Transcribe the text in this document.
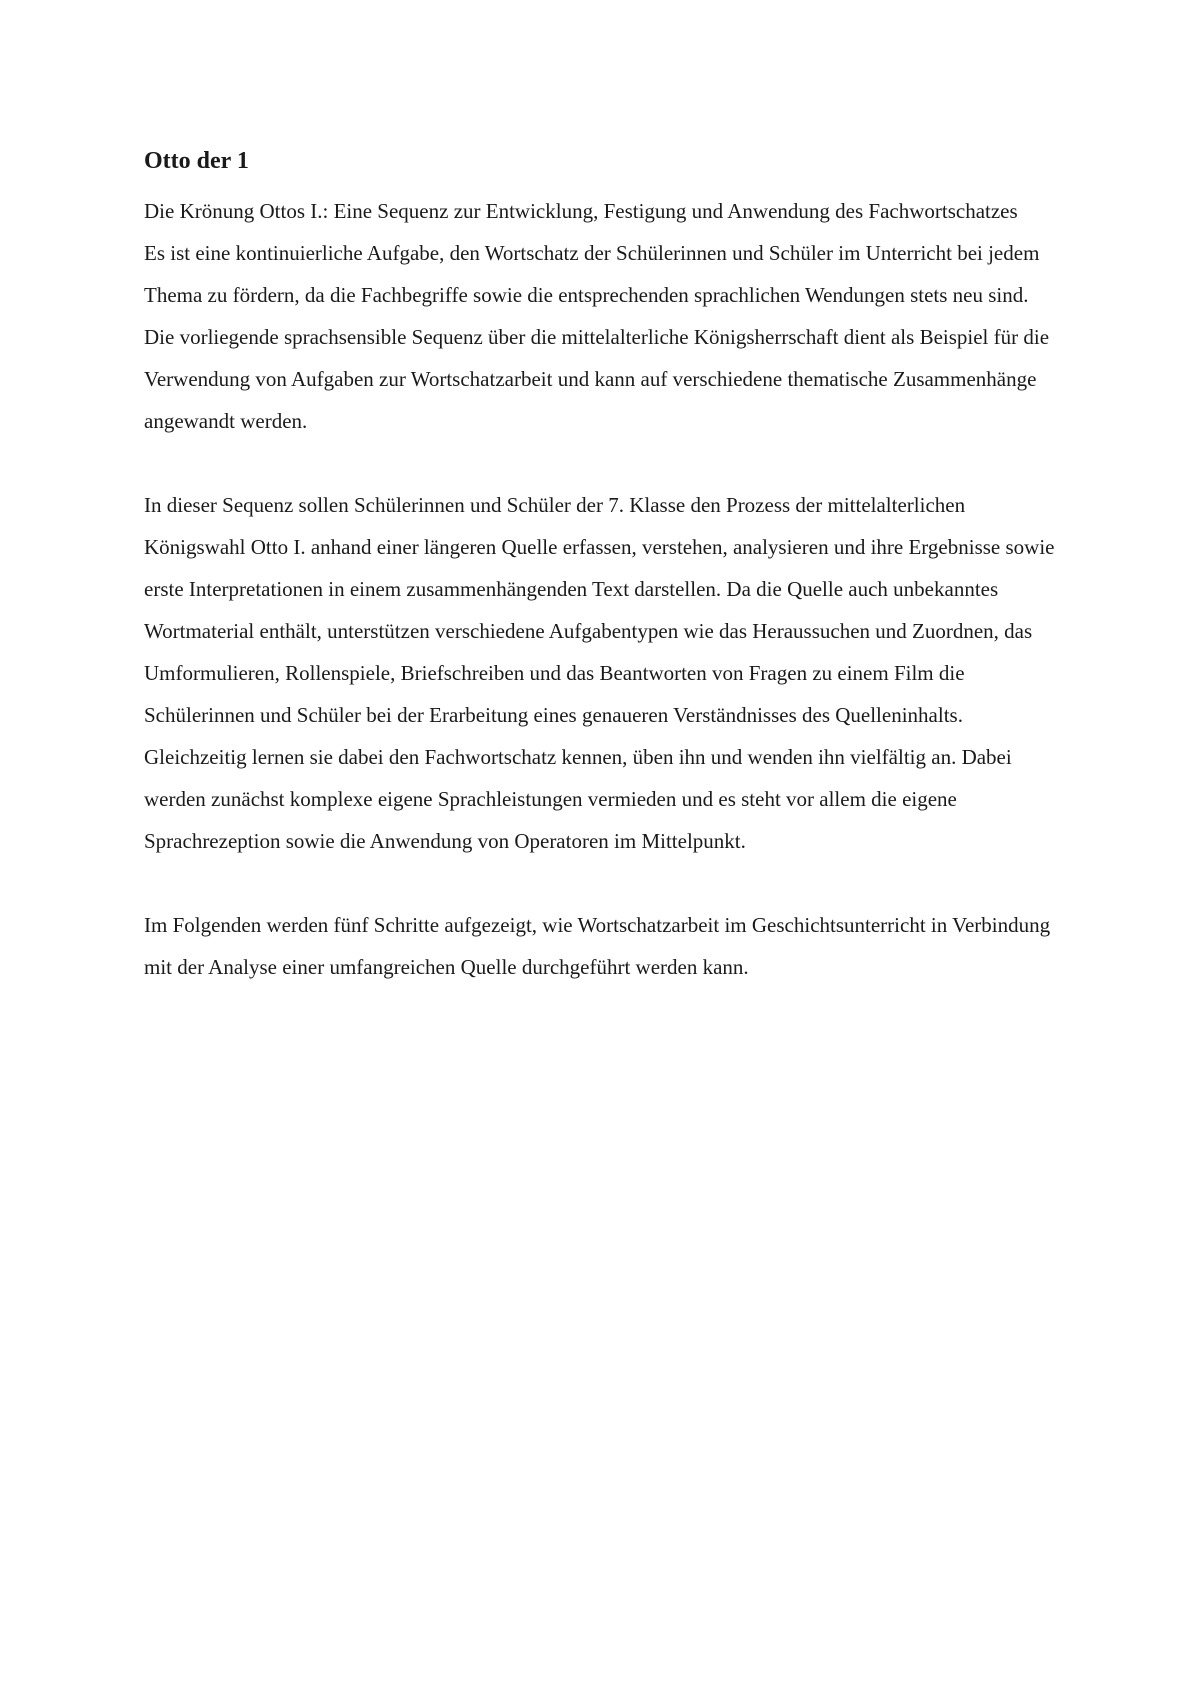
Otto der 1

Die Krönung Ottos I.: Eine Sequenz zur Entwicklung, Festigung und Anwendung des Fachwortschatzes

Es ist eine kontinuierliche Aufgabe, den Wortschatz der Schülerinnen und Schüler im Unterricht bei jedem Thema zu fördern, da die Fachbegriffe sowie die entsprechenden sprachlichen Wendungen stets neu sind. Die vorliegende sprachsensible Sequenz über die mittelalterliche Königsherrschaft dient als Beispiel für die Verwendung von Aufgaben zur Wortschatzarbeit und kann auf verschiedene thematische Zusammenhänge angewandt werden.

In dieser Sequenz sollen Schülerinnen und Schüler der 7. Klasse den Prozess der mittelalterlichen Königswahl Otto I. anhand einer längeren Quelle erfassen, verstehen, analysieren und ihre Ergebnisse sowie erste Interpretationen in einem zusammenhängenden Text darstellen. Da die Quelle auch unbekanntes Wortmaterial enthält, unterstützen verschiedene Aufgabentypen wie das Heraussuchen und Zuordnen, das Umformulieren, Rollenspiele, Briefschreiben und das Beantworten von Fragen zu einem Film die Schülerinnen und Schüler bei der Erarbeitung eines genaueren Verständnisses des Quelleninhalts. Gleichzeitig lernen sie dabei den Fachwortschatz kennen, üben ihn und wenden ihn vielfältig an. Dabei werden zunächst komplexe eigene Sprachleistungen vermieden und es steht vor allem die eigene Sprachrezeption sowie die Anwendung von Operatoren im Mittelpunkt.

Im Folgenden werden fünf Schritte aufgezeigt, wie Wortschatzarbeit im Geschichtsunterricht in Verbindung mit der Analyse einer umfangreichen Quelle durchgeführt werden kann.
